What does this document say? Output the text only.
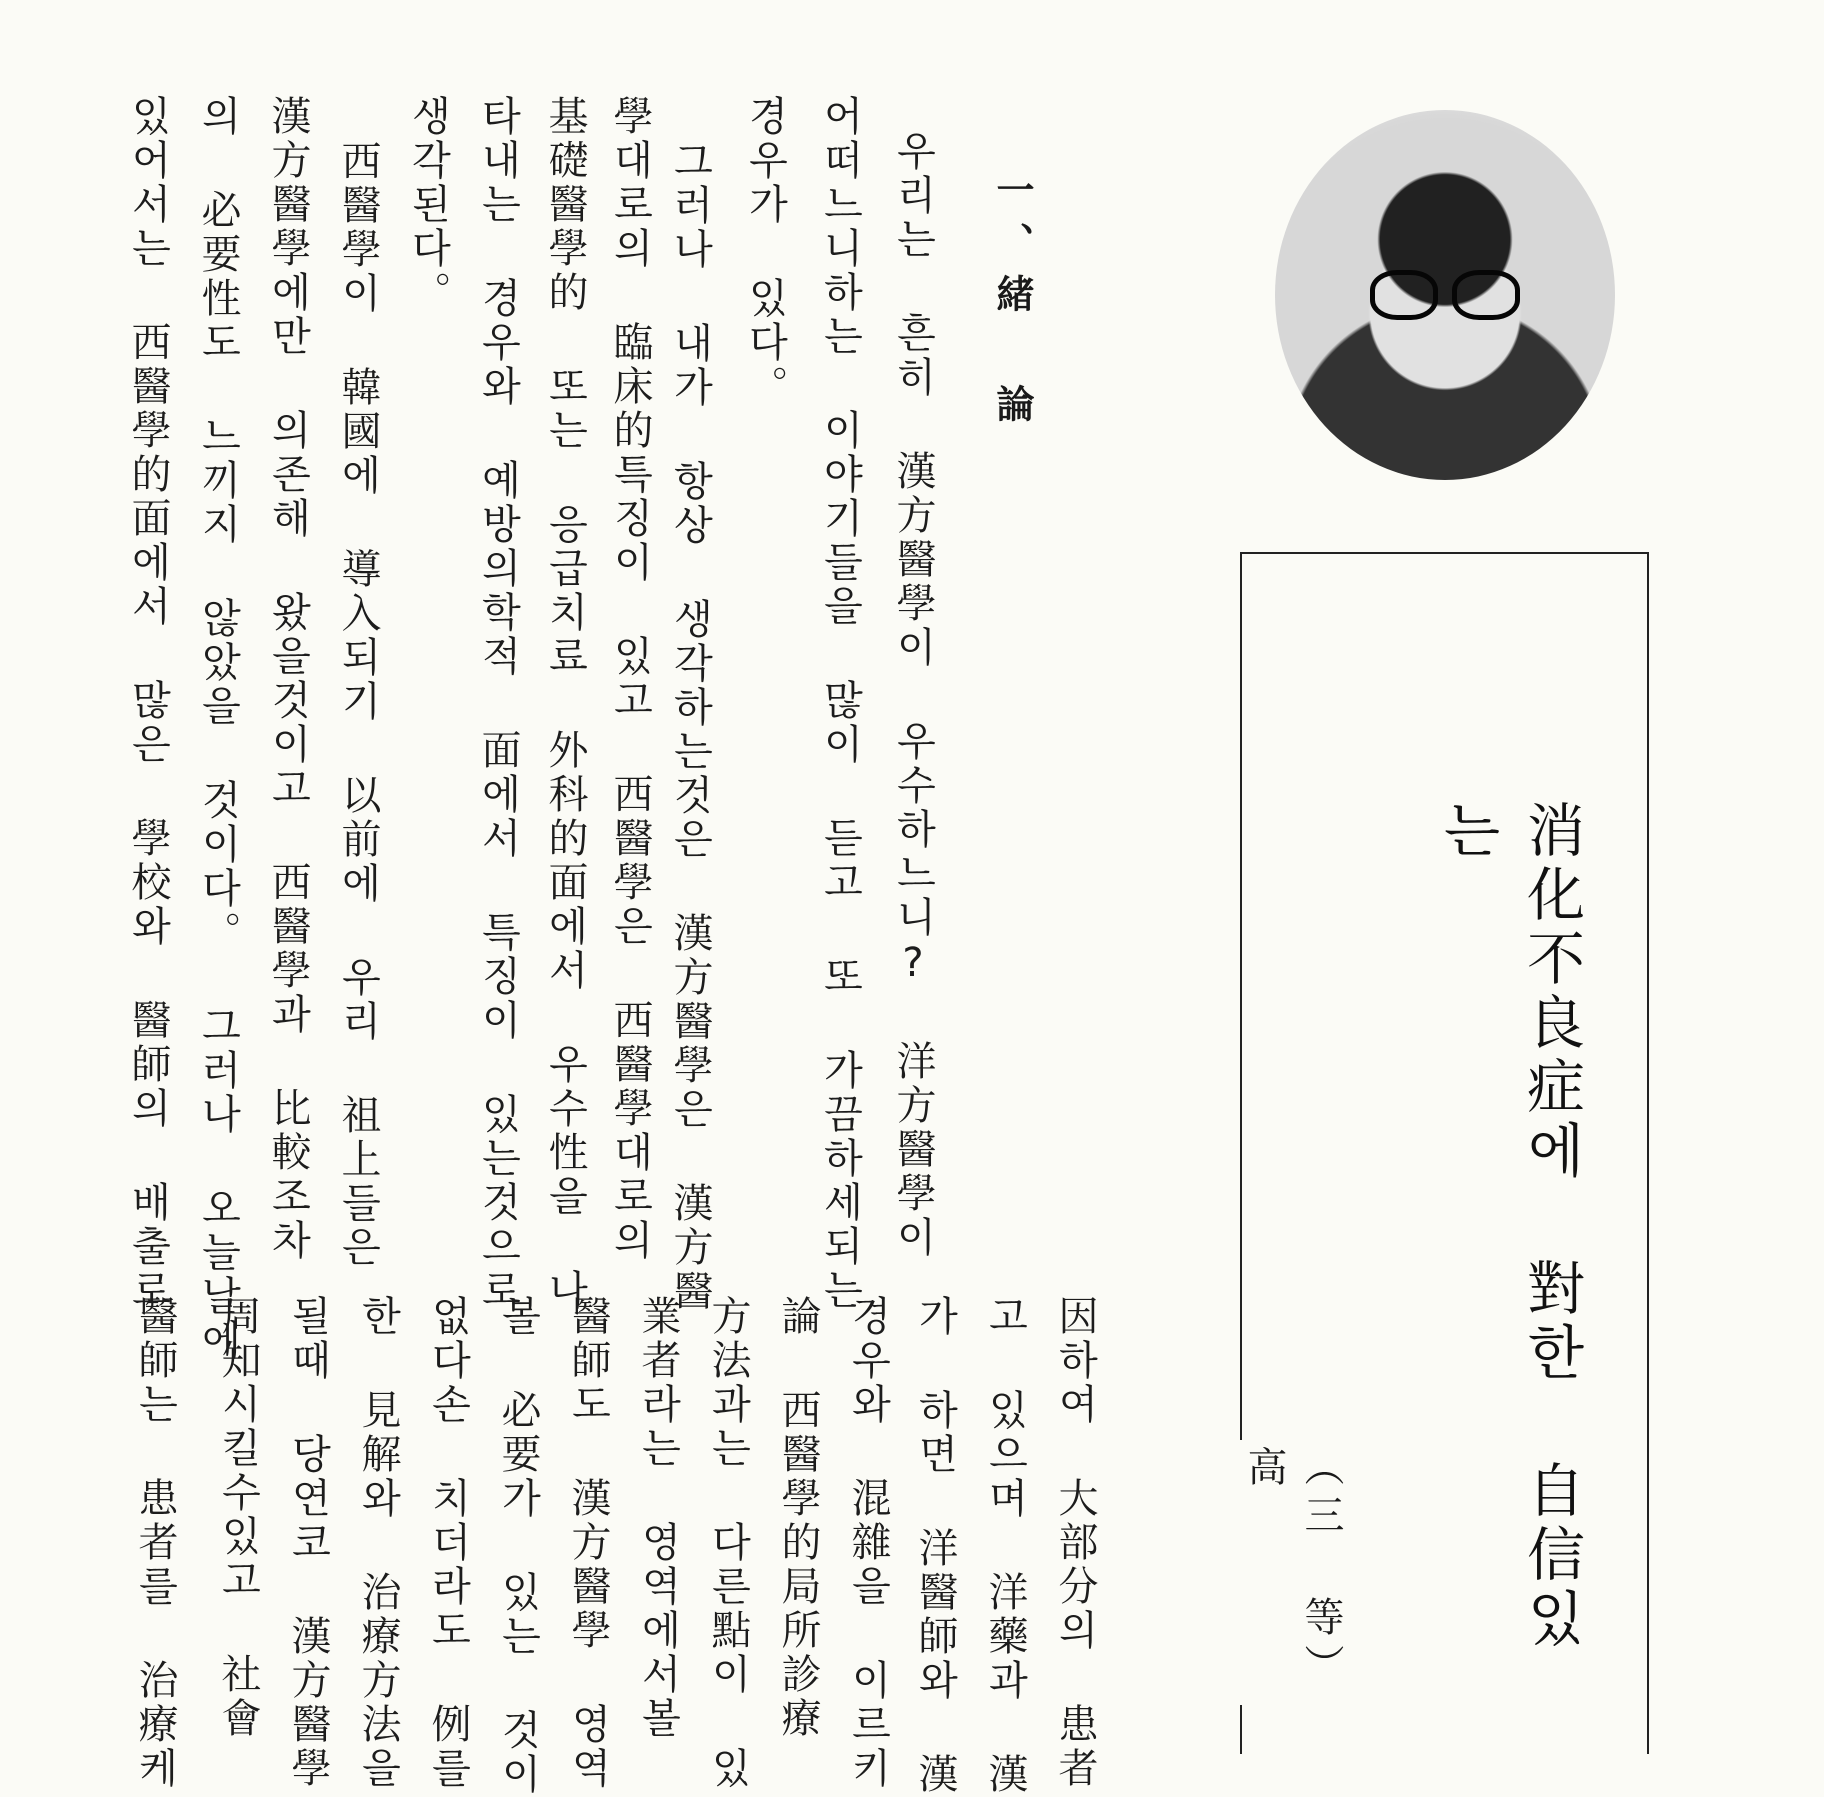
消化不良症에 對한 自信있는
（三 等） 高
一、緒 論
우리는 흔히 漢方醫學이 우수하느니? 洋方醫學이
어떠느니하는 이야기들을 많이 듣고 또 가끔하세되는
경우가 있다。
그러나 내가 항상 생각하는것은 漢方醫學은 漢方醫
學대로의 臨床的특징이 있고 西醫學은 西醫學대로의
基礎醫學的 또는 응급치료 外科的面에서 우수性을 나
타내는 경우와 예방의학적 面에서 특징이 있는것으로
생각된다。
西醫學이 韓國에 導入되기 以前에 우리 祖上들은
漢方醫學에만 의존해 왔을것이고 西醫學과 比較조차
의 必要性도 느끼지 않았을 것이다。 그러나 오늘날에
있어서는 西醫學的面에서 많은 學校와 醫師의 배출로
因하여 大部分의 患者
고 있으며 洋藥과 漢
가 하면 洋醫師와 漢
경우와 混雜을 이르키
論 西醫學的局所診療
方法과는 다른點이 있
業者라는 영역에서볼
醫師도 漢方醫學 영역
볼 必要가 있는 것이
없다손 치더라도 例를
한 見解와 治療方法을
될때 당연코 漢方醫學
周知시킬수있고 社會
醫師는 患者를 治療케
